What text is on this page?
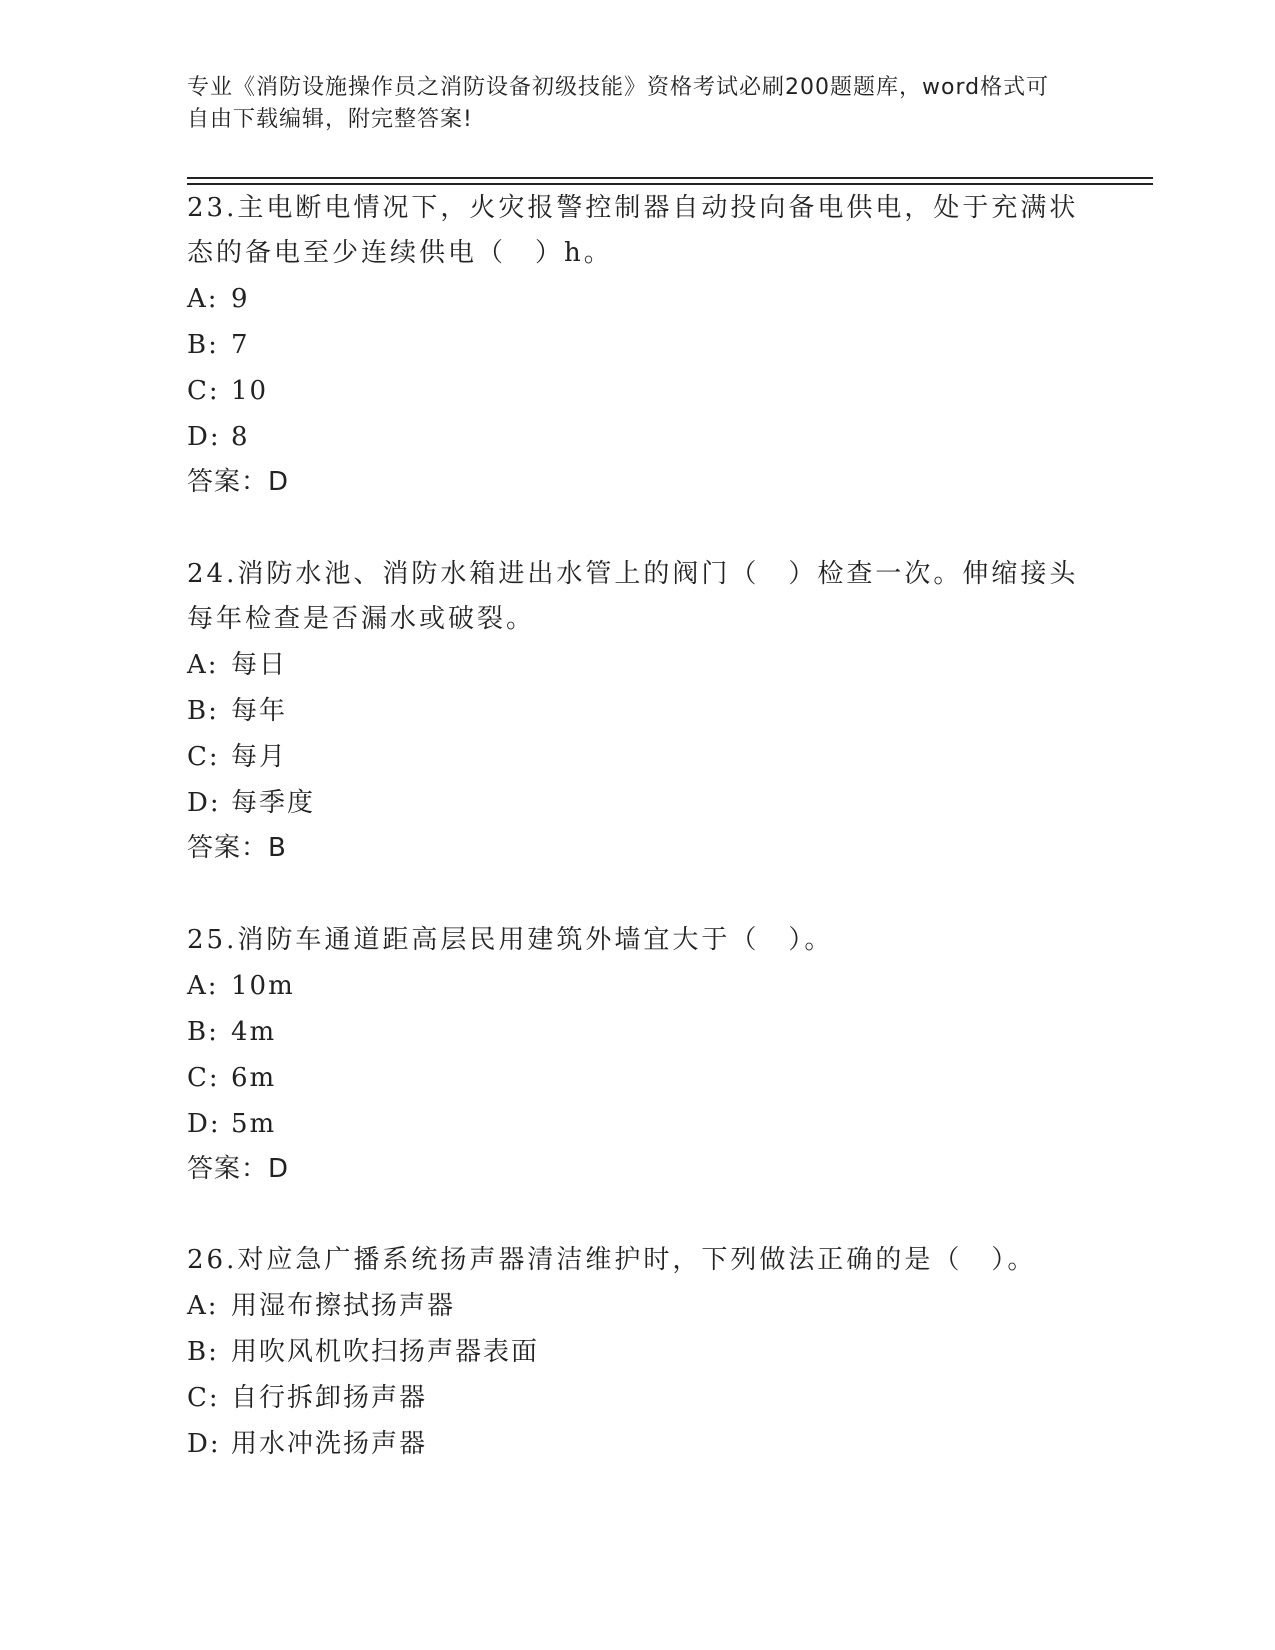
专业《消防设施操作员之消防设备初级技能》资格考试必刷200题题库，word格式可自由下载编辑，附完整答案!

23.主电断电情况下，火灾报警控制器自动投向备电供电，处于充满状态的备电至少连续供电（　）h。

A: 9

B: 7

C: 10

D: 8

答案：D

24.消防水池、消防水箱进出水管上的阀门（　）检查一次。伸缩接头每年检查是否漏水或破裂。

A: 每日

B: 每年

C: 每月

D: 每季度

答案：B

25.消防车通道距高层民用建筑外墙宜大于（　）。

A: 10m

B: 4m

C: 6m

D: 5m

答案：D

26.对应急广播系统扬声器清洁维护时，下列做法正确的是（　）。

A: 用湿布擦拭扬声器

B: 用吹风机吹扫扬声器表面

C: 自行拆卸扬声器

D: 用水冲洗扬声器
